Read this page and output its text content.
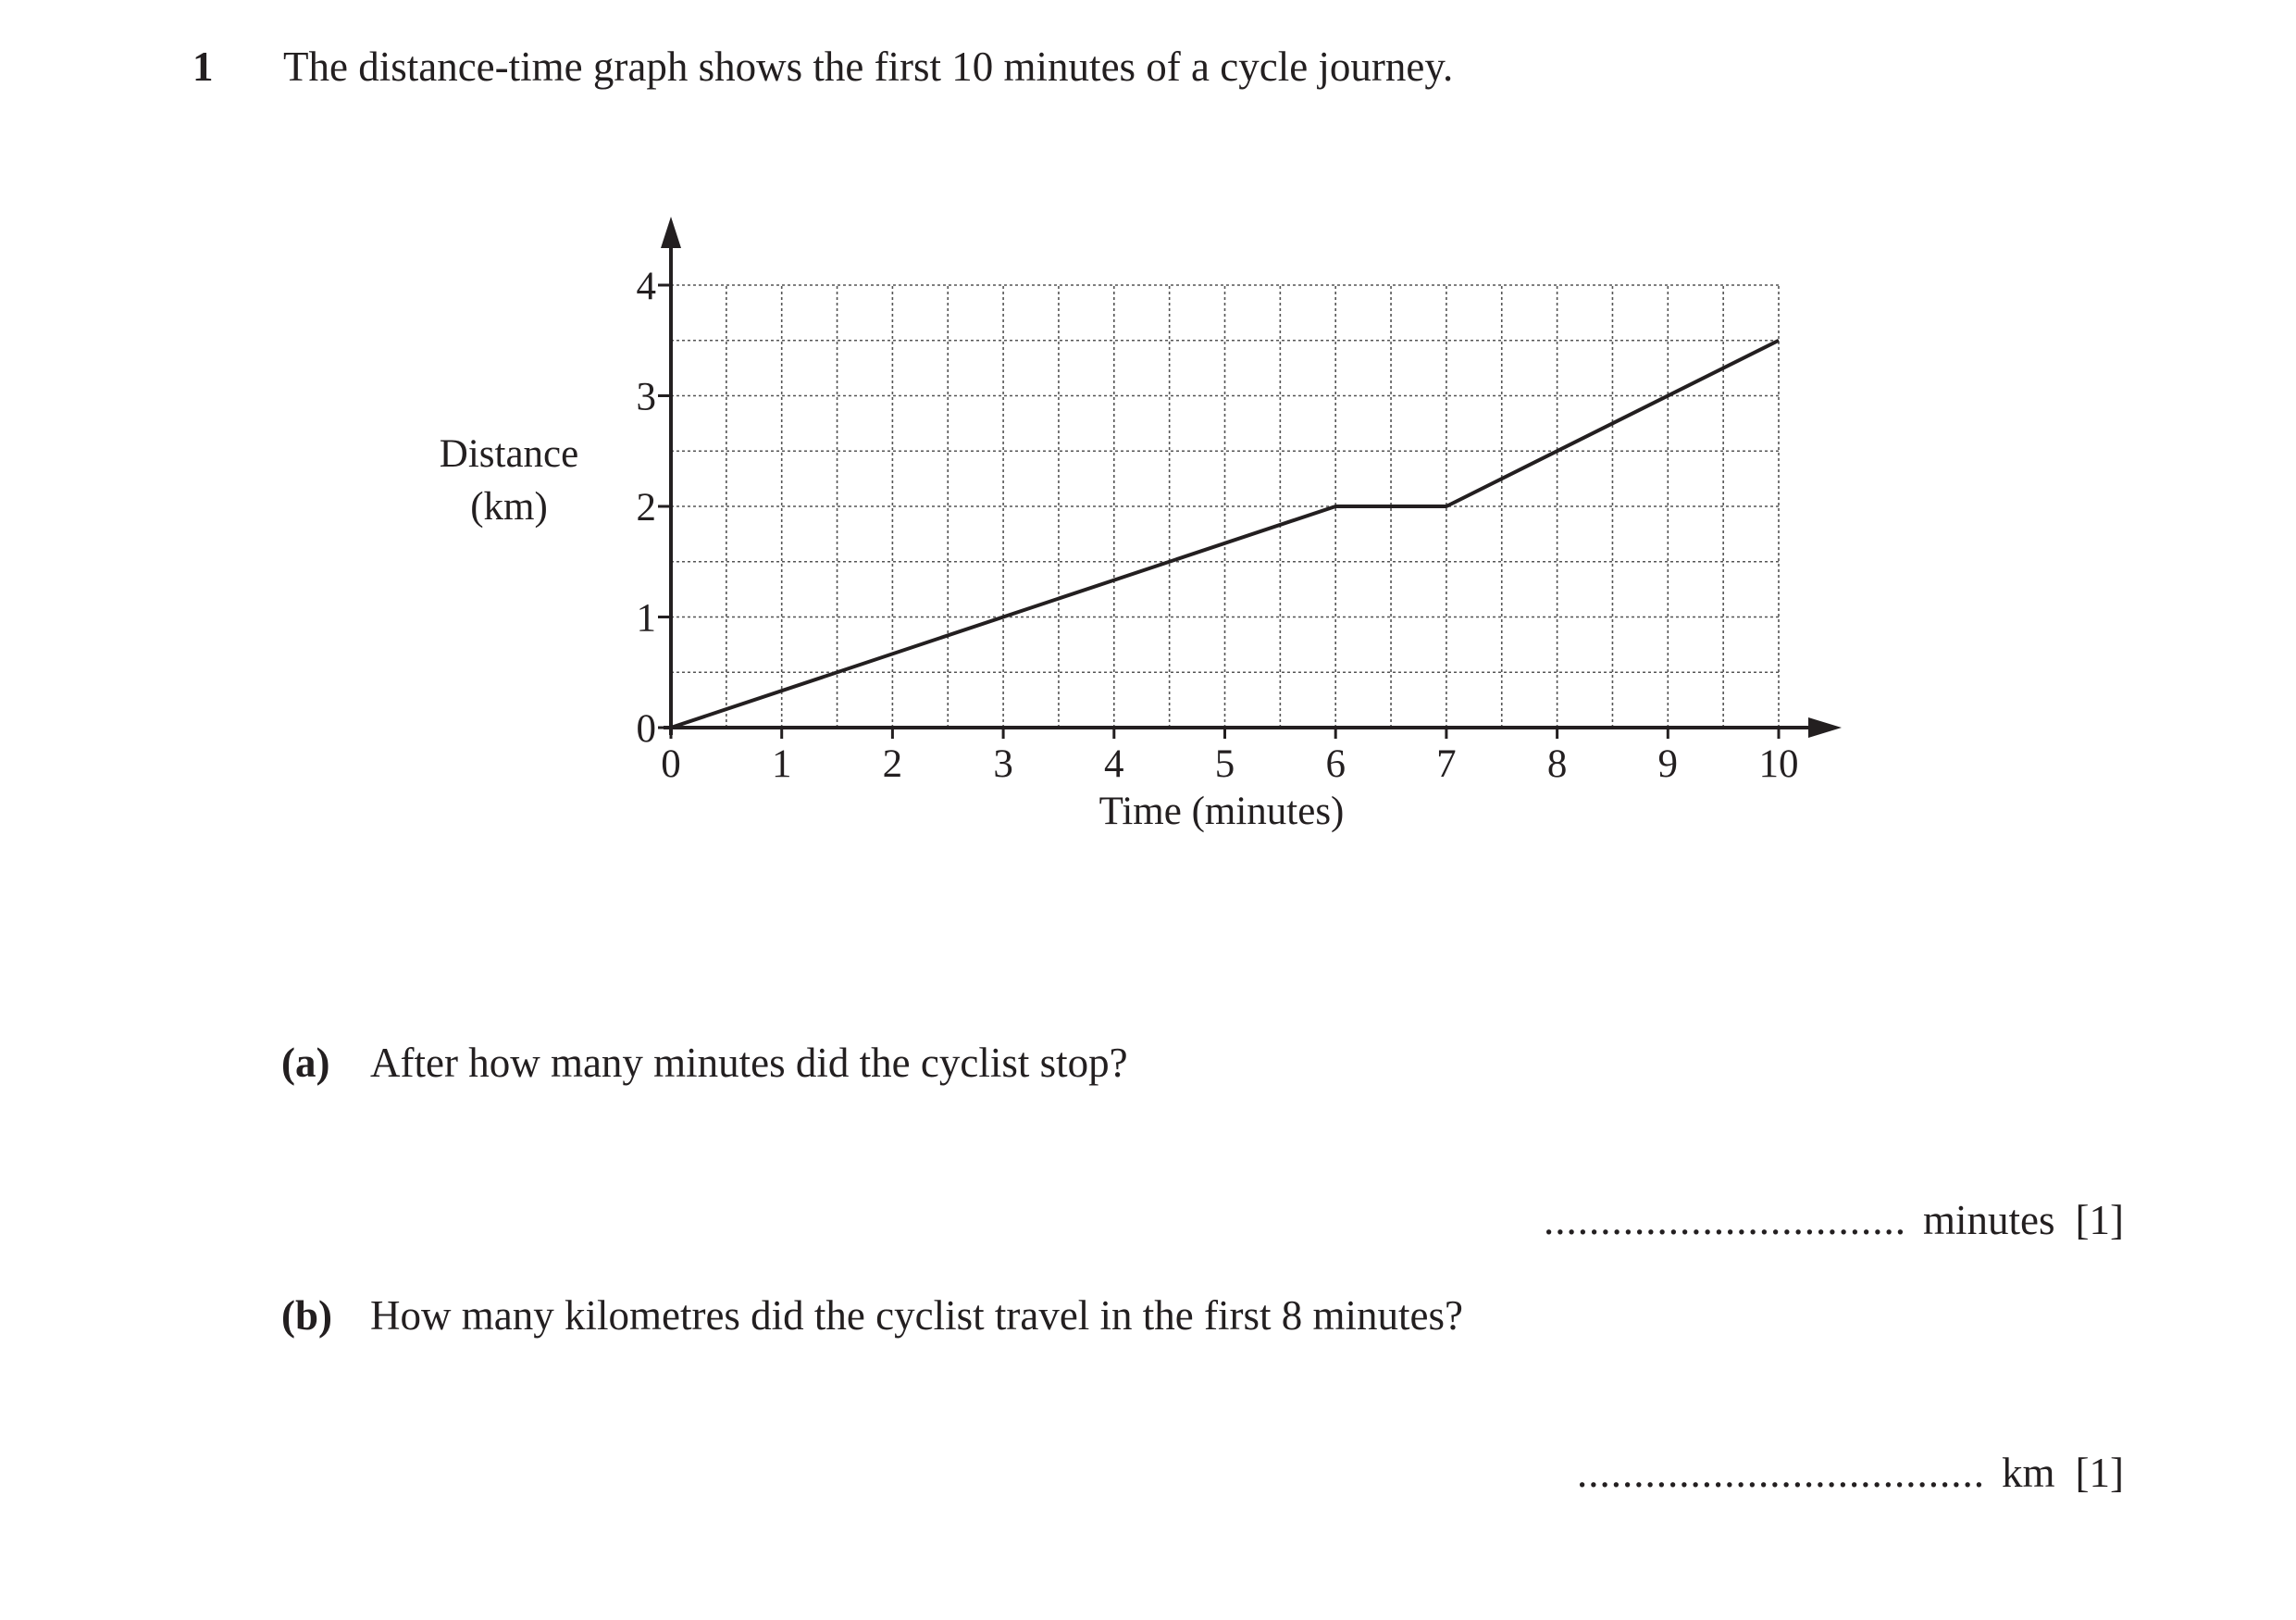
1 The distance-time graph shows the first 10 minutes of a cycle journey.
0 1 2 3 4 5 6 7 8 9 10
0
1
2
3
4
Distance
(km)
Time (minutes)
(a) After how many minutes did the cyclist stop?
................................ minutes [1]
(b) How many kilometres did the cyclist travel in the first 8 minutes?
.................................... km [1]
